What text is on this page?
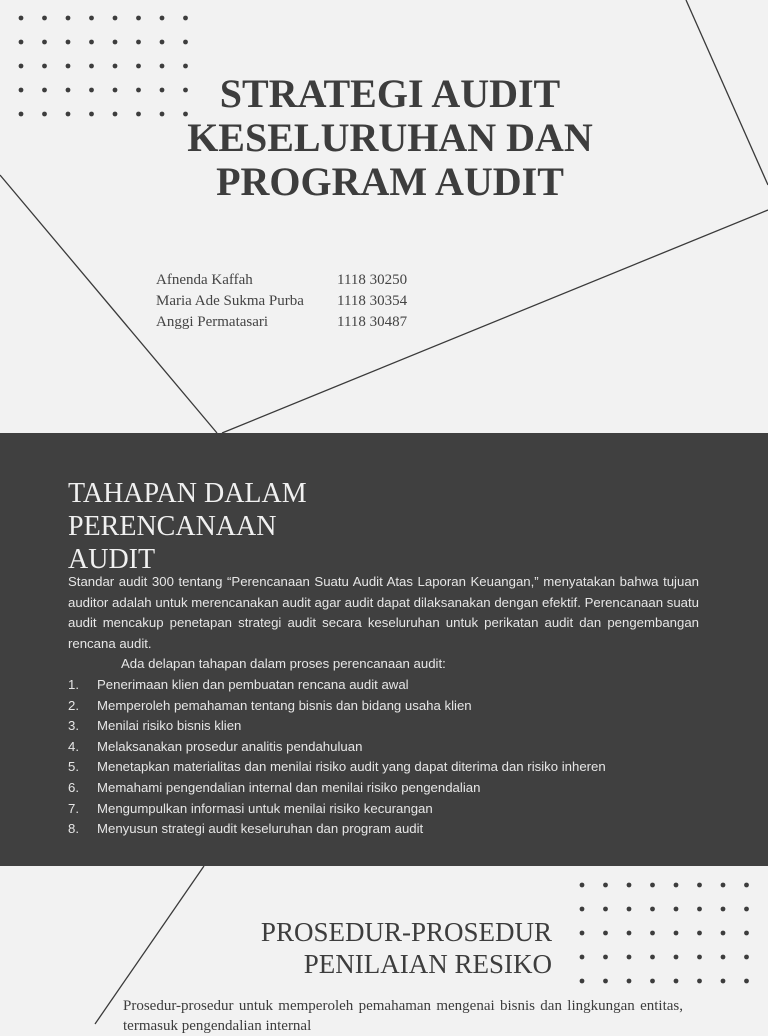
STRATEGI AUDIT
KESELURUHAN DAN
PROGRAM AUDIT
Afnenda Kaffah	1118 30250
Maria Ade Sukma Purba	1118 30354
Anggi Permatasari	1118 30487
TAHAPAN DALAM
PERENCANAAN
AUDIT

Standar audit 300 tentang “Perencanaan Suatu Audit Atas Laporan Keuangan,” menyatakan bahwa tujuan auditor adalah untuk merencanakan audit agar audit dapat dilaksanakan dengan efektif. Perencanaan suatu audit mencakup penetapan strategi audit secara keseluruhan untuk perikatan audit dan pengembangan rencana audit.

Ada delapan tahapan dalam proses perencanaan audit:
1.	Penerimaan klien dan pembuatan rencana audit awal
2.	Memperoleh pemahaman tentang bisnis dan bidang usaha klien
3.	Menilai risiko bisnis klien
4.	Melaksanakan prosedur analitis pendahuluan
5.	Menetapkan materialitas dan menilai risiko audit yang dapat diterima dan risiko inheren
6.	Memahami pengendalian internal dan menilai risiko pengendalian
7.	Mengumpulkan informasi untuk menilai risiko kecurangan
8.	Menyusun strategi audit keseluruhan dan program audit
PROSEDUR-PROSEDUR
PENILAIAN RESIKO

Prosedur-prosedur untuk memperoleh pemahaman mengenai bisnis dan lingkungan entitas, termasuk pengendalian internal
